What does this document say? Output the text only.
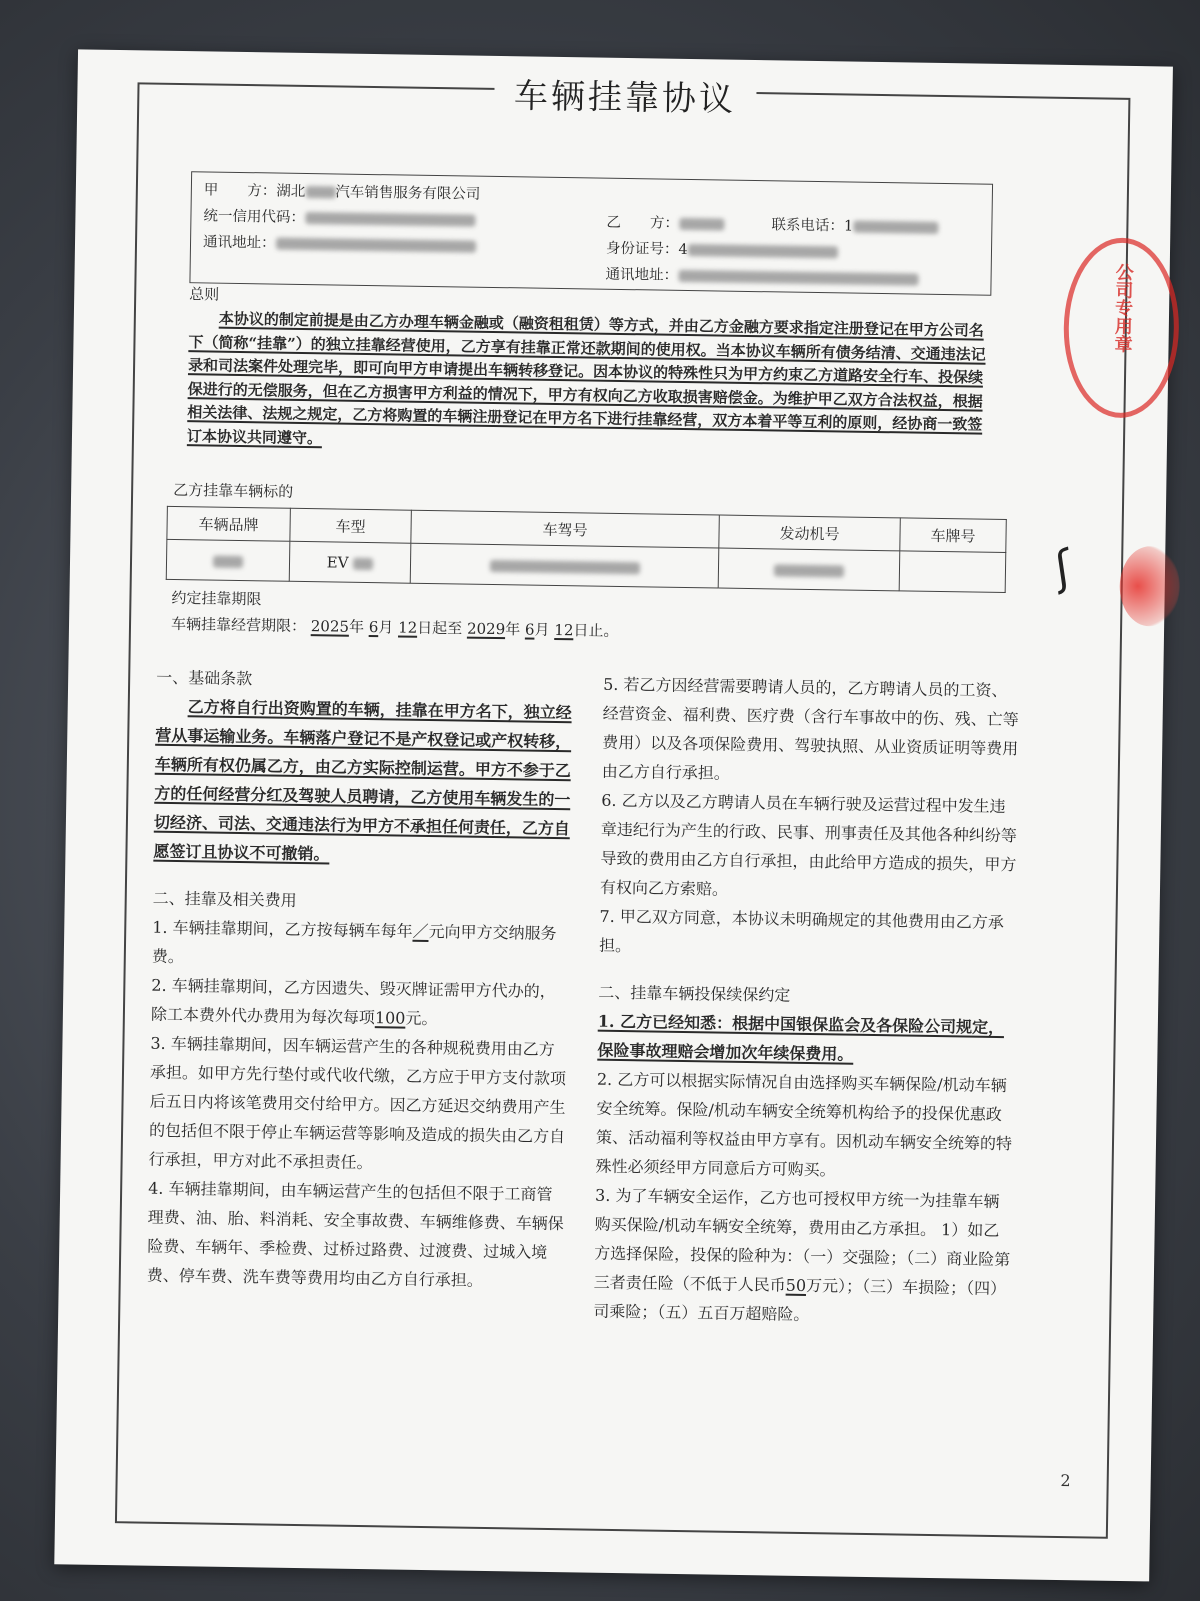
车辆挂靠协议
甲　　方：湖北 汽车销售服务有限公司
统一信用代码：
通讯地址：
乙　　方：	联系电话：1
身份证号：4
通讯地址：
总则
本协议的制定前提是由乙方办理车辆金融或（融资租租赁）等方式，并由乙方金融方要求指定注册登记在甲方公司名下（简称“挂靠”）的独立挂靠经营使用，乙方享有挂靠正常还款期间的使用权。当本协议车辆所有债务结清、交通违法记录和司法案件处理完毕，即可向甲方申请提出车辆转移登记。因本协议的特殊性只为甲方约束乙方道路安全行车、投保续保进行的无偿服务，但在乙方损害甲方利益的情况下，甲方有权向乙方收取损害赔偿金。为维护甲乙双方合法权益，根据相关法律、法规之规定，乙方将购置的车辆注册登记在甲方名下进行挂靠经营，双方本着平等互利的原则，经协商一致签订本协议共同遵守。
乙方挂靠车辆标的
车辆品牌	车型	车驾号	发动机号	车牌号
	EV			
约定挂靠期限
车辆挂靠经营期限： 2025年 6月 12日起至 2029年 6月 12日止。
一、基础条款
乙方将自行出资购置的车辆，挂靠在甲方名下，独立经营从事运输业务。车辆落户登记不是产权登记或产权转移，车辆所有权仍属乙方，由乙方实际控制运营。甲方不参于乙方的任何经营分红及驾驶人员聘请，乙方使用车辆发生的一切经济、司法、交通违法行为甲方不承担任何责任，乙方自愿签订且协议不可撤销。
二、挂靠及相关费用
1. 车辆挂靠期间，乙方按每辆车每年／元向甲方交纳服务费。
2. 车辆挂靠期间，乙方因遗失、毁灭牌证需甲方代办的，除工本费外代办费用为每次每项100元。
3. 车辆挂靠期间，因车辆运营产生的各种规税费用由乙方承担。如甲方先行垫付或代收代缴，乙方应于甲方支付款项后五日内将该笔费用交付给甲方。因乙方延迟交纳费用产生的包括但不限于停止车辆运营等影响及造成的损失由乙方自行承担，甲方对此不承担责任。
4. 车辆挂靠期间，由车辆运营产生的包括但不限于工商管理费、油、胎、料消耗、安全事故费、车辆维修费、车辆保险费、车辆年、季检费、过桥过路费、过渡费、过城入境费、停车费、洗车费等费用均由乙方自行承担。
5. 若乙方因经营需要聘请人员的，乙方聘请人员的工资、经营资金、福利费、医疗费（含行车事故中的伤、残、亡等费用）以及各项保险费用、驾驶执照、从业资质证明等费用由乙方自行承担。
6. 乙方以及乙方聘请人员在车辆行驶及运营过程中发生违章违纪行为产生的行政、民事、刑事责任及其他各种纠纷等导致的费用由乙方自行承担，由此给甲方造成的损失，甲方有权向乙方索赔。
7. 甲乙双方同意，本协议未明确规定的其他费用由乙方承担。
二、挂靠车辆投保续保约定
1. 乙方已经知悉：根据中国银保监会及各保险公司规定，保险事故理赔会增加次年续保费用。
2. 乙方可以根据实际情况自由选择购买车辆保险/机动车辆安全统筹。保险/机动车辆安全统筹机构给予的投保优惠政策、活动福利等权益由甲方享有。因机动车辆安全统筹的特殊性必须经甲方同意后方可购买。
3. 为了车辆安全运作，乙方也可授权甲方统一为挂靠车辆购买保险/机动车辆安全统筹，费用由乙方承担。 1）如乙方选择保险，投保的险种为：（一）交强险；（二）商业险第三者责任险（不低于人民币50万元）；（三）车损险；（四）司乘险；（五）五百万超赔险。
公司专用章
ʃ
2
